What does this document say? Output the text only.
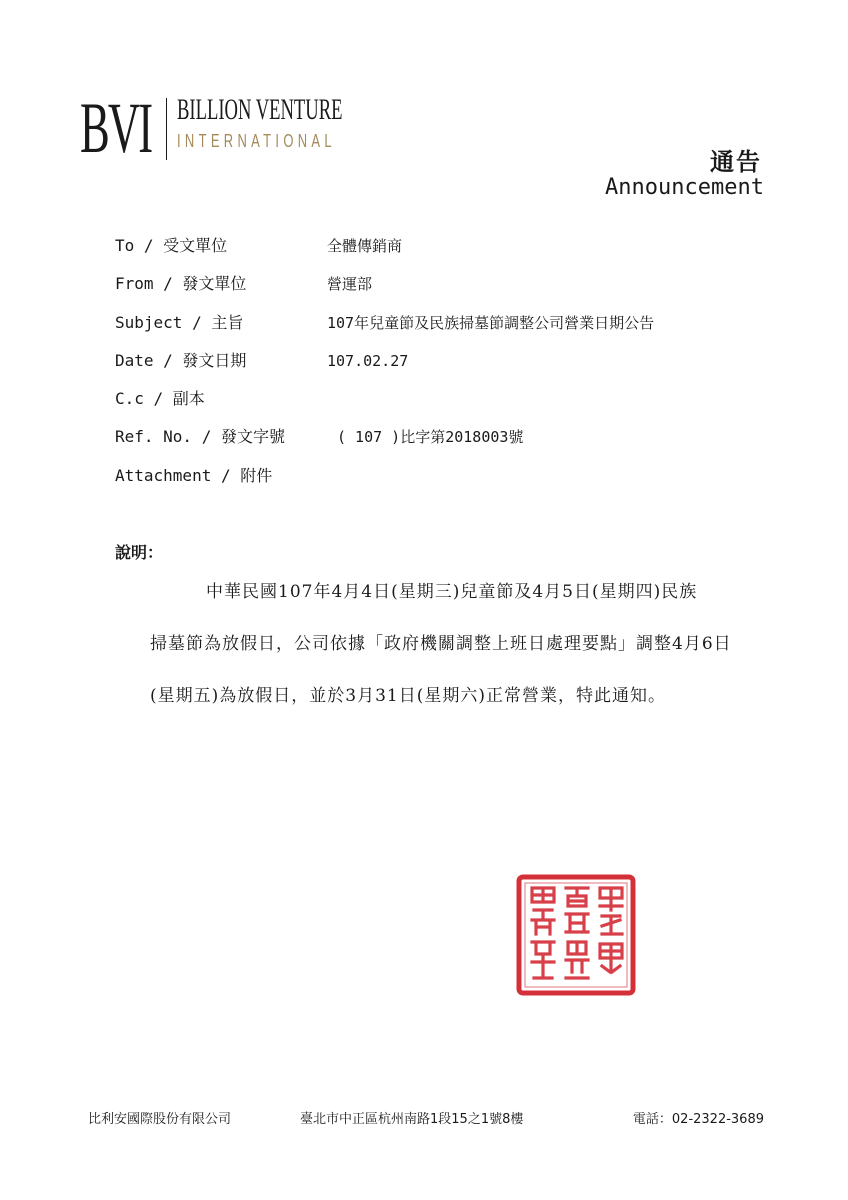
BVI BILLION VENTURE
INTERNATIONAL
通告
Announcement
To / 受文單位	全體傳銷商
From / 發文單位	營運部
Subject / 主旨	107年兒童節及民族掃墓節調整公司營業日期公告
Date / 發文日期	107.02.27
C.c / 副本
Ref. No. / 發文字號	( 107 )比字第2018003號
Attachment / 附件
說明：
中華民國107年4月4日(星期三)兒童節及4月5日(星期四)民族
掃墓節為放假日，公司依據「政府機關調整上班日處理要點」調整4月6日
(星期五)為放假日，並於3月31日(星期六)正常營業，特此通知。
比利安國際股份有限公司	臺北市中正區杭州南路1段15之1號8樓	電話：02-2322-3689
